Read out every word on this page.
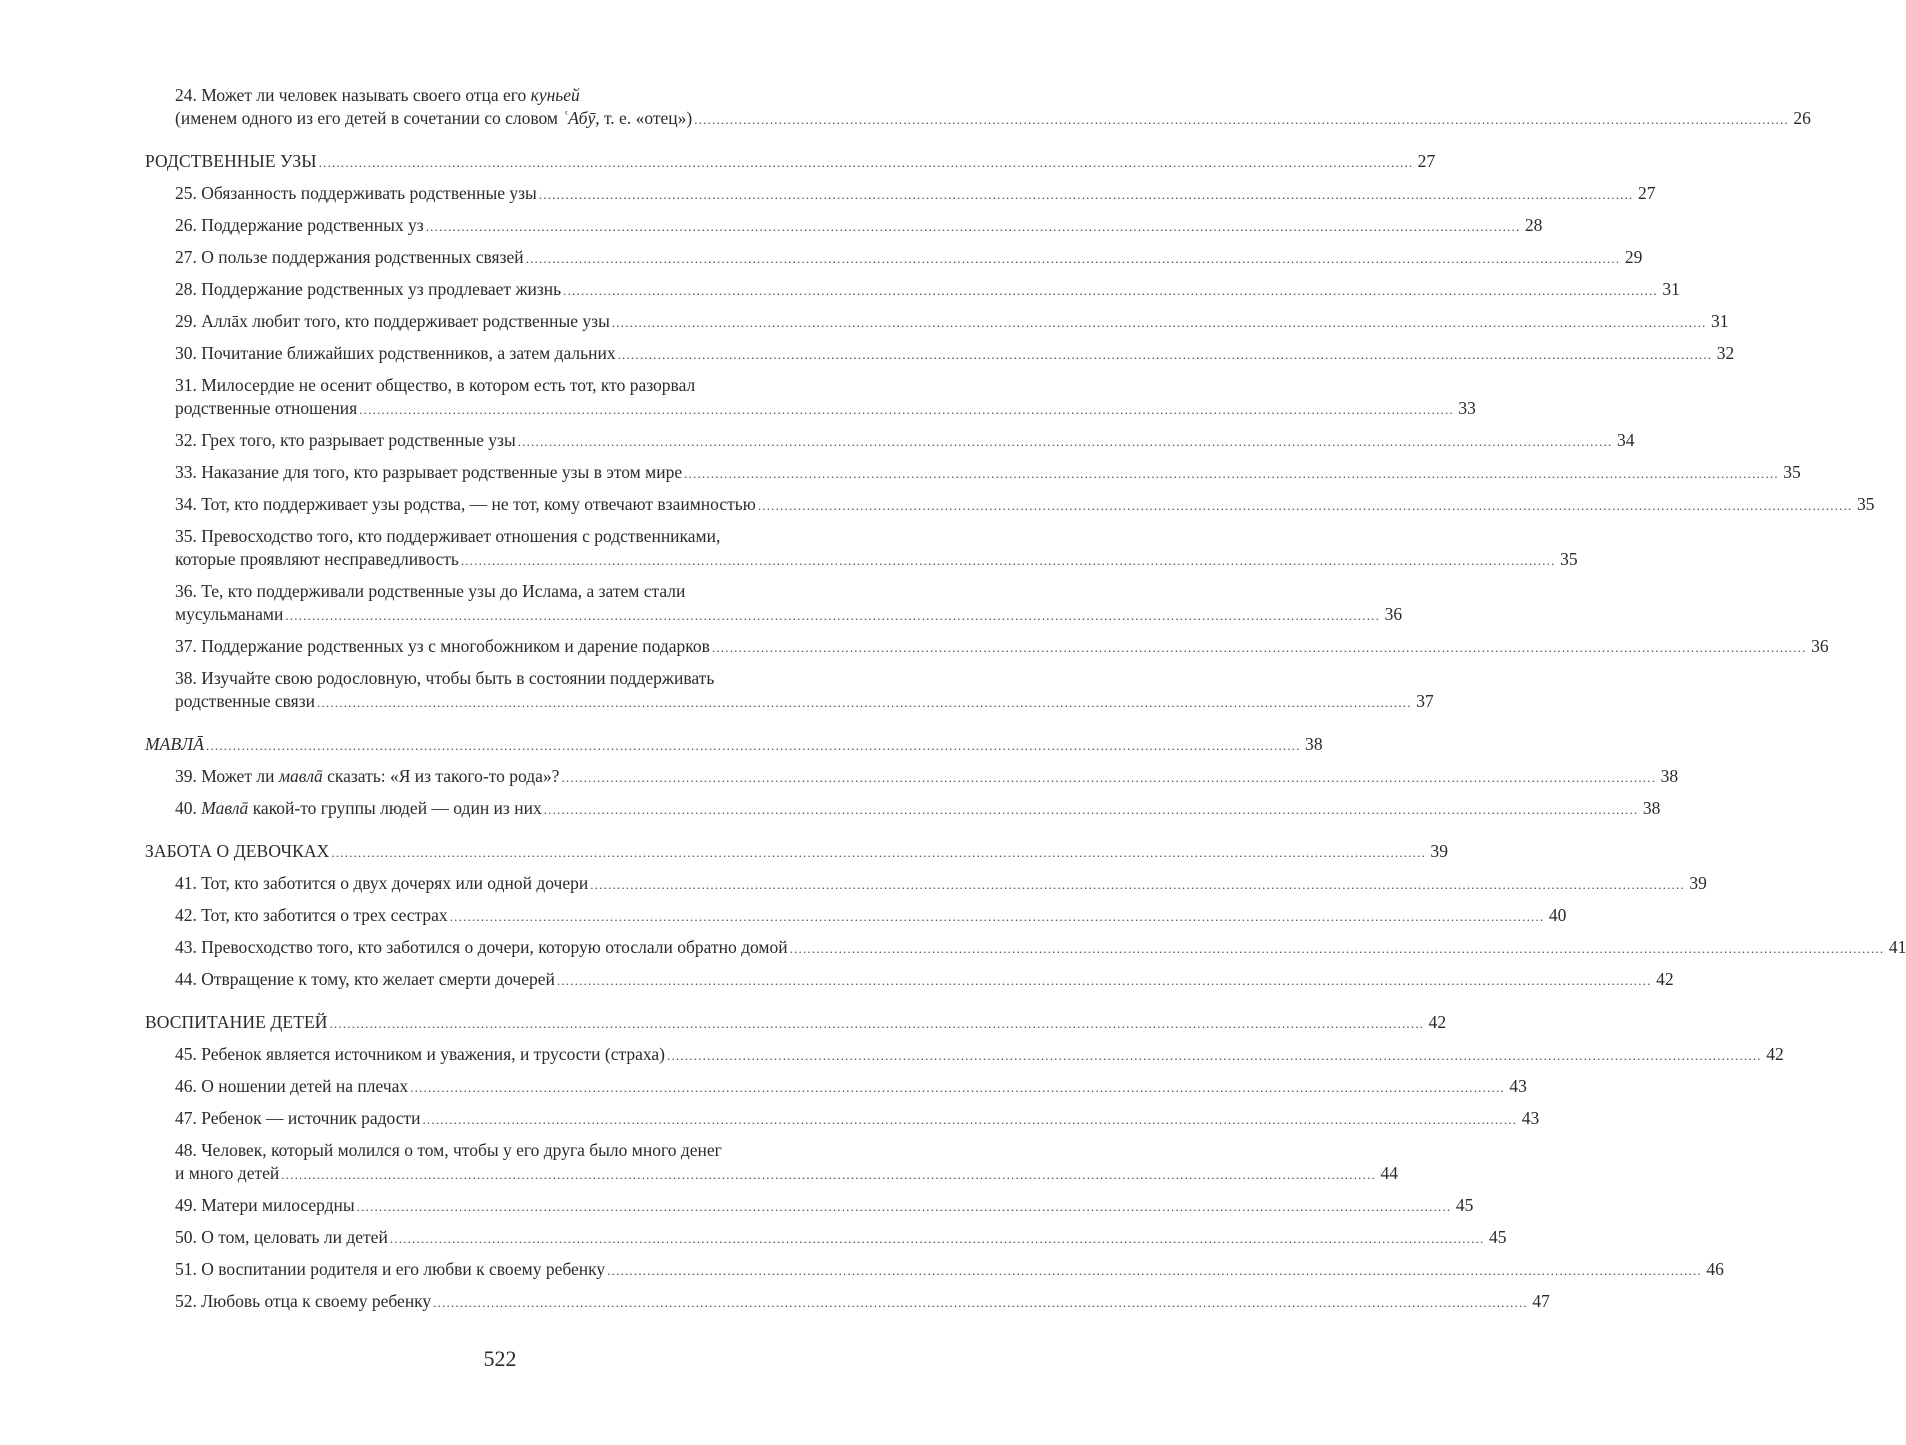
24. Может ли человек называть своего отца его куньей
(именем одного из его детей в сочетании со словом ʿАбӯ, т. е. «отец») .....	26
РОДСТВЕННЫЕ УЗЫ .....	27
25. Обязанность поддерживать родственные узы .....	27
26. Поддержание родственных уз .....	28
27. О пользе поддержания родственных связей .....	29
28. Поддержание родственных уз продлевает жизнь .....	31
29. Аллāх любит того, кто поддерживает родственные узы .....	31
30. Почитание ближайших родственников, а затем дальних .....	32
31. Милосердие не осенит общество, в котором есть тот, кто разорвал
родственные отношения .....	33
32. Грех того, кто разрывает родственные узы .....	34
33. Наказание для того, кто разрывает родственные узы в этом мире .....	35
34. Тот, кто поддерживает узы родства, — не тот, кому отвечают взаимностью .....	35
35. Превосходство того, кто поддерживает отношения с родственниками,
которые проявляют несправедливость .....	35
36. Те, кто поддерживали родственные узы до Ислама, а затем стали
мусульманами .....	36
37. Поддержание родственных уз с многобожником и дарение подарков .....	36
38. Изучайте свою родословную, чтобы быть в состоянии поддерживать
родственные связи .....	37
МАВЛĀ .....	38
39. Может ли мавлā сказать: «Я из такого-то рода»? .....	38
40. Мавлā какой-то группы людей — один из них .....	38
ЗАБОТА О ДЕВОЧКАХ .....	39
41. Тот, кто заботится о двух дочерях или одной дочери .....	39
42. Тот, кто заботится о трех сестрах .....	40
43. Превосходство того, кто заботился о дочери, которую отослали обратно домой .....	41
44. Отвращение к тому, кто желает смерти дочерей .....	42
ВОСПИТАНИЕ ДЕТЕЙ .....	42
45. Ребенок является источником и уважения, и трусости (страха) .....	42
46. О ношении детей на плечах .....	43
47. Ребенок — источник радости .....	43
48. Человек, который молился о том, чтобы у его друга было много денег
и много детей .....	44
49. Матери милосердны .....	45
50. О том, целовать ли детей .....	45
51. О воспитании родителя и его любви к своему ребенку .....	46
52. Любовь отца к своему ребенку .....	47
522
